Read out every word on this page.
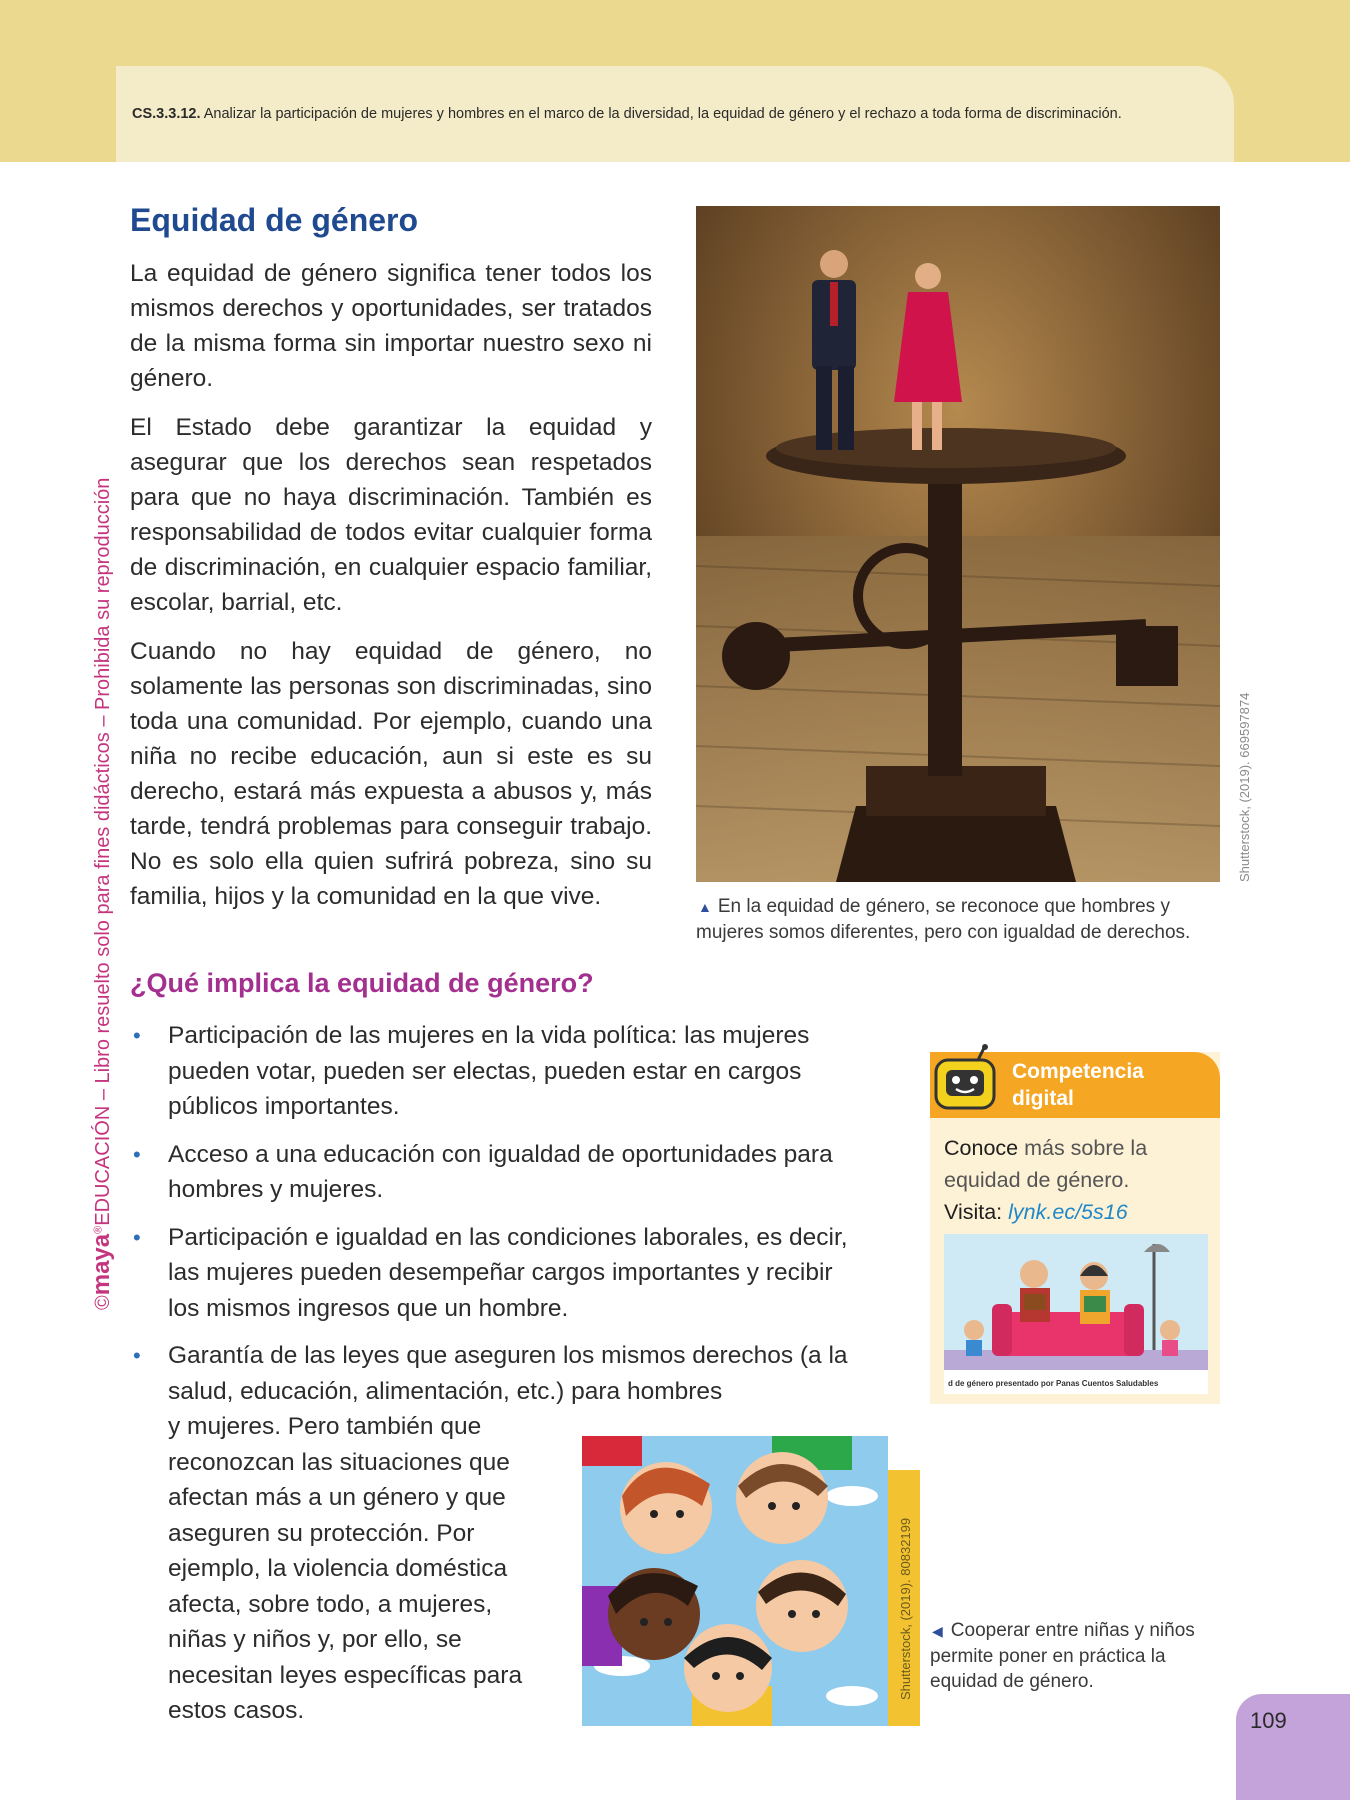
CS.3.3.12. Analizar la participación de mujeres y hombres en el marco de la diversidad, la equidad de género y el rechazo a toda forma de discriminación.
©maya®EDUCACIÓN – Libro resuelto solo para fines didácticos – Prohibida su reproducción
Equidad de género

La equidad de género significa tener todos los mismos derechos y oportunidades, ser tratados de la misma forma sin importar nuestro sexo ni género.

El Estado debe garantizar la equidad y asegurar que los derechos sean respetados para que no haya discriminación. También es responsabilidad de todos evitar cualquier forma de discriminación, en cualquier espacio familiar, escolar, barrial, etc.

Cuando no hay equidad de género, no solamente las personas son discriminadas, sino toda una comunidad. Por ejemplo, cuando una niña no recibe educación, aun si este es su derecho, estará más expuesta a abusos y, más tarde, tendrá problemas para conseguir trabajo. No es solo ella quien sufrirá pobreza, sino su familia, hijos y la comunidad en la que vive.

Shutterstock, (2019). 669597874

▲ En la equidad de género, se reconoce que hombres y mujeres somos diferentes, pero con igualdad de derechos.

¿Qué implica la equidad de género?
• Participación de las mujeres en la vida política: las mujeres pueden votar, pueden ser electas, pueden estar en cargos públicos importantes.
• Acceso a una educación con igualdad de oportunidades para hombres y mujeres.
• Participación e igualdad en las condiciones laborales, es decir, las mujeres pueden desempeñar cargos importantes y recibir los mismos ingresos que un hombre.
• Garantía de las leyes que aseguren los mismos derechos (a la salud, educación, alimentación, etc.) para hombres
y mujeres. Pero también que
reconozcan las situaciones que
afectan más a un género y que
aseguren su protección. Por
ejemplo, la violencia doméstica
afecta, sobre todo, a mujeres,
niñas y niños y, por ello, se
necesitan leyes específicas para
estos casos.
Competencia
digital

Conoce más sobre la equidad de género.
Visita: lynk.ec/5s16

d de género presentado por Panas Cuentos Saludables
Shutterstock, (2019). 80832199 ◀ Cooperar entre niñas y niños permite poner en práctica la equidad de género.

109
